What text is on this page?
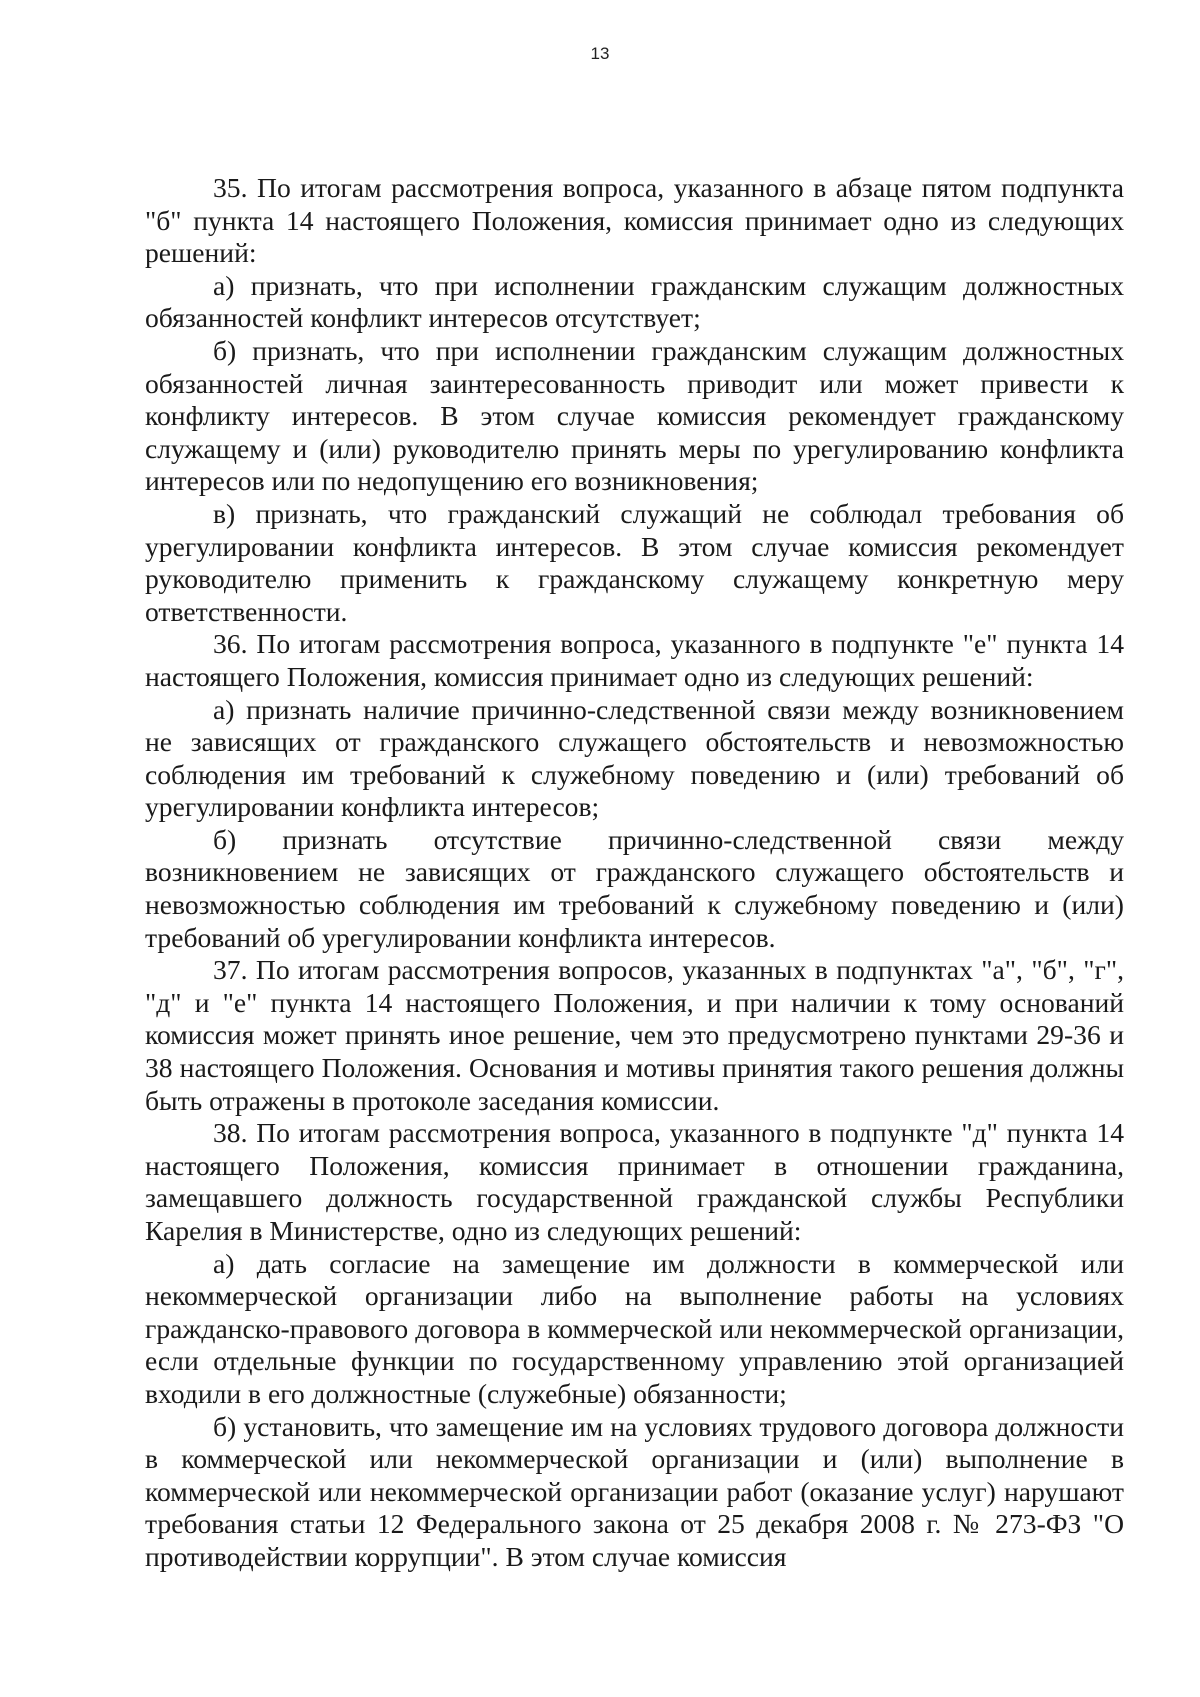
13

35. По итогам рассмотрения вопроса, указанного в абзаце пятом подпункта "б" пункта 14 настоящего Положения, комиссия принимает одно из следующих решений:

а) признать, что при исполнении гражданским служащим должностных обязанностей конфликт интересов отсутствует;

б) признать, что при исполнении гражданским служащим должностных обязанностей личная заинтересованность приводит или может привести к конфликту интересов. В этом случае комиссия рекомендует гражданскому служащему и (или) руководителю принять меры по урегулированию конфликта интересов или по недопущению его возникновения;

в) признать, что гражданский служащий не соблюдал требования об урегулировании конфликта интересов. В этом случае комиссия рекомендует руководителю применить к гражданскому служащему конкретную меру ответственности.

36. По итогам рассмотрения вопроса, указанного в подпункте "е" пункта 14 настоящего Положения, комиссия принимает одно из следующих решений:

а) признать наличие причинно-следственной связи между возникновением не зависящих от гражданского служащего обстоятельств и невозможностью соблюдения им требований к служебному поведению и (или) требований об урегулировании конфликта интересов;

б) признать отсутствие причинно-следственной связи между возникновением не зависящих от гражданского служащего обстоятельств и невозможностью соблюдения им требований к служебному поведению и (или) требований об урегулировании конфликта интересов.

37. По итогам рассмотрения вопросов, указанных в подпунктах "а", "б", "г", "д" и "е" пункта 14 настоящего Положения, и при наличии к тому оснований комиссия может принять иное решение, чем это предусмотрено пунктами 29-36 и 38 настоящего Положения. Основания и мотивы принятия такого решения должны быть отражены в протоколе заседания комиссии.

38. По итогам рассмотрения вопроса, указанного в подпункте "д" пункта 14 настоящего Положения, комиссия принимает в отношении гражданина, замещавшего должность государственной гражданской службы Республики Карелия в Министерстве, одно из следующих решений:

а) дать согласие на замещение им должности в коммерческой или некоммерческой организации либо на выполнение работы на условиях гражданско-правового договора в коммерческой или некоммерческой организации, если отдельные функции по государственному управлению этой организацией входили в его должностные (служебные) обязанности;

б) установить, что замещение им на условиях трудового договора должности в коммерческой или некоммерческой организации и (или) выполнение в коммерческой или некоммерческой организации работ (оказание услуг) нарушают требования статьи 12 Федерального закона от 25 декабря 2008 г. № 273-ФЗ "О противодействии коррупции". В этом случае комиссия
